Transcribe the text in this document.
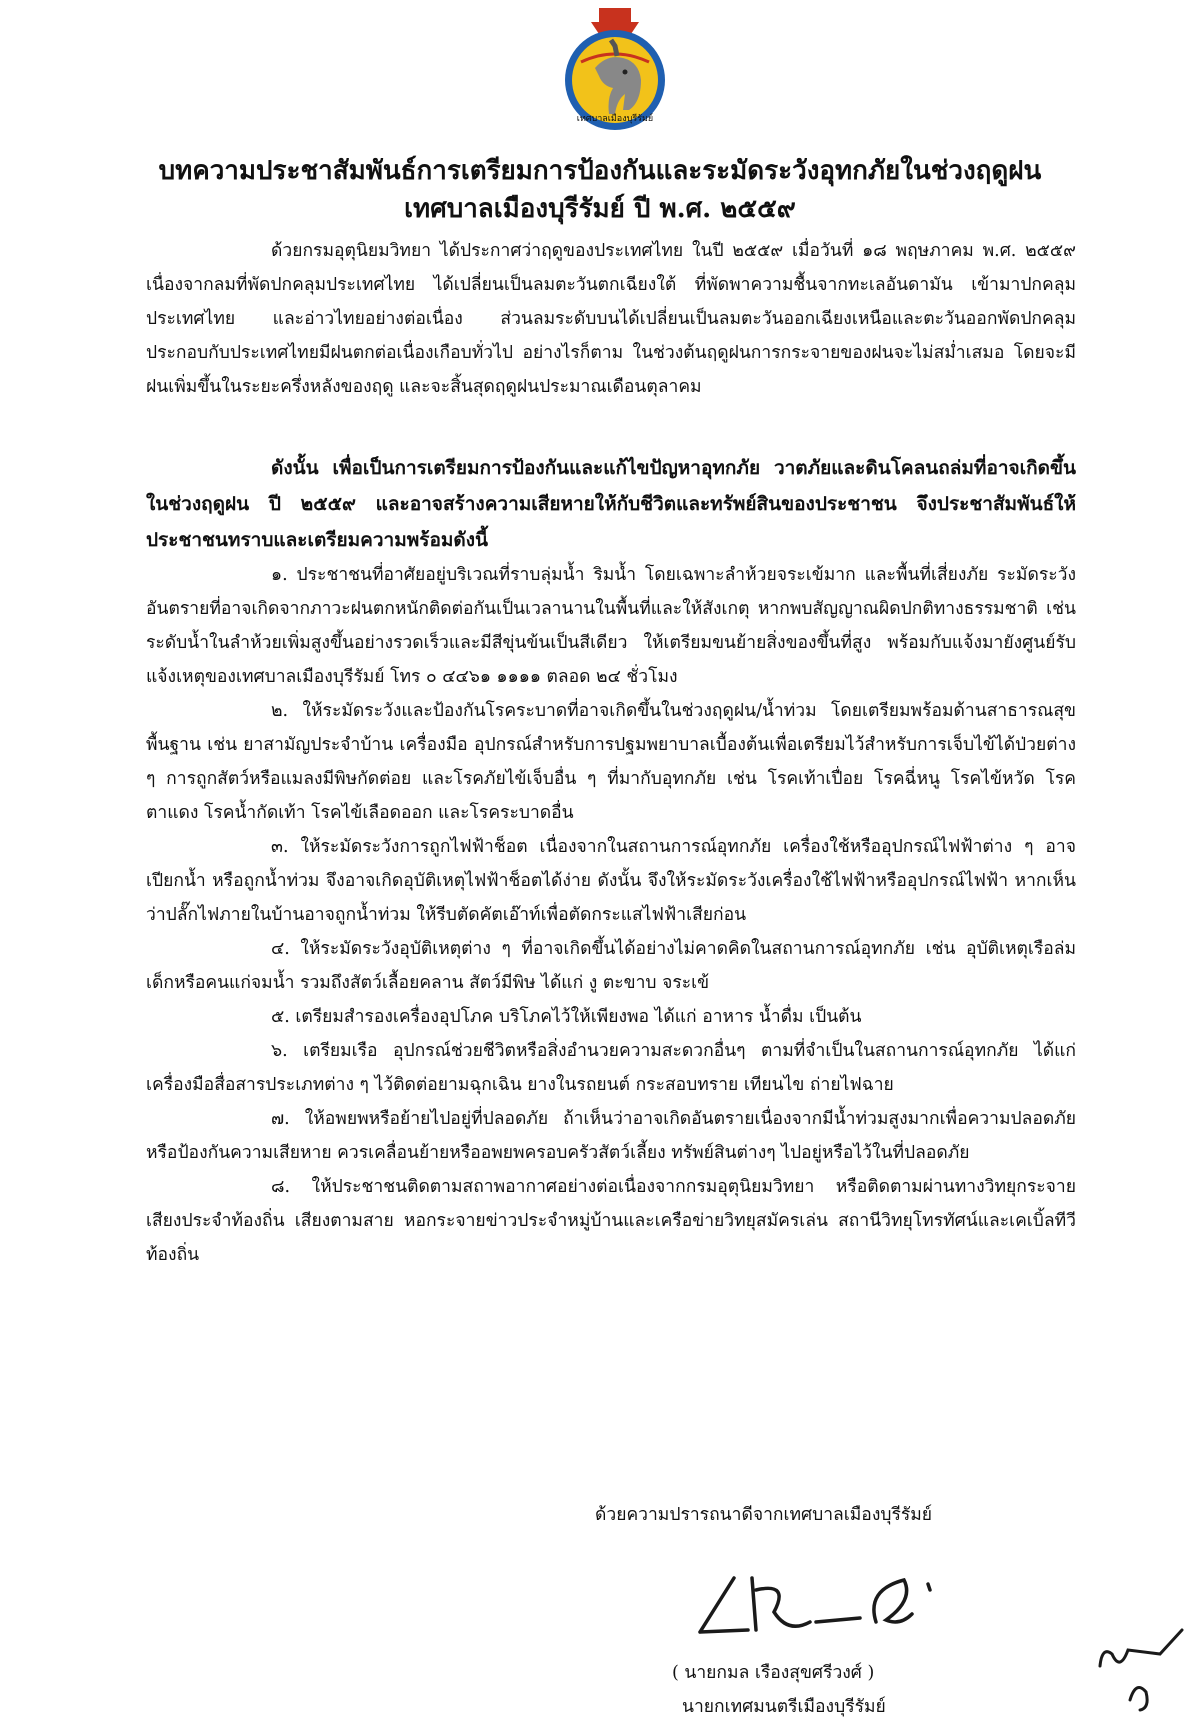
เทศบาลเมืองบุรีรัมย์
บทความประชาสัมพันธ์การเตรียมการป้องกันและระมัดระวังอุทกภัยในช่วงฤดูฝน
เทศบาลเมืองบุรีรัมย์ ปี พ.ศ. ๒๕๕๙

ด้วยกรมอุตุนิยมวิทยา ได้ประกาศว่าฤดูของประเทศไทย ในปี ๒๕๕๙ เมื่อวันที่ ๑๘ พฤษภาคม พ.ศ. ๒๕๕๙ เนื่องจากลมที่พัดปกคลุมประเทศไทย ได้เปลี่ยนเป็นลมตะวันตกเฉียงใต้ ที่พัดพาความชื้นจากทะเลอันดามัน เข้ามาปกคลุมประเทศไทย และอ่าวไทยอย่างต่อเนื่อง ส่วนลมระดับบนได้เปลี่ยนเป็นลมตะวันออกเฉียงเหนือและตะวันออกพัดปกคลุม ประกอบกับประเทศไทยมีฝนตกต่อเนื่องเกือบทั่วไป อย่างไรก็ตาม ในช่วงต้นฤดูฝนการกระจายของฝนจะไม่สม่ำเสมอ โดยจะมีฝนเพิ่มขึ้นในระยะครึ่งหลังของฤดู และจะสิ้นสุดฤดูฝนประมาณเดือนตุลาคม

ดังนั้น เพื่อเป็นการเตรียมการป้องกันและแก้ไขปัญหาอุทกภัย วาตภัยและดินโคลนถล่มที่อาจเกิดขึ้นในช่วงฤดูฝน ปี ๒๕๕๙ และอาจสร้างความเสียหายให้กับชีวิตและทรัพย์สินของประชาชน จึงประชาสัมพันธ์ให้ประชาชนทราบและเตรียมความพร้อมดังนี้

๑. ประชาชนที่อาศัยอยู่บริเวณที่ราบลุ่มน้ำ ริมน้ำ โดยเฉพาะลำห้วยจระเข้มาก และพื้นที่เสี่ยงภัย ระมัดระวังอันตรายที่อาจเกิดจากภาวะฝนตกหนักติดต่อกันเป็นเวลานานในพื้นที่และให้สังเกตุ หากพบสัญญาณผิดปกติทางธรรมชาติ เช่น ระดับน้ำในลำห้วยเพิ่มสูงขึ้นอย่างรวดเร็วและมีสีขุ่นข้นเป็นสีเดียว ให้เตรียมขนย้ายสิ่งของขึ้นที่สูง พร้อมกับแจ้งมายังศูนย์รับแจ้งเหตุของเทศบาลเมืองบุรีรัมย์ โทร ๐ ๔๔๖๑ ๑๑๑๑ ตลอด ๒๔ ชั่วโมง

๒. ให้ระมัดระวังและป้องกันโรคระบาดที่อาจเกิดขึ้นในช่วงฤดูฝน/น้ำท่วม โดยเตรียมพร้อมด้านสาธารณสุขพื้นฐาน เช่น ยาสามัญประจำบ้าน เครื่องมือ อุปกรณ์สำหรับการปฐมพยาบาลเบื้องต้นเพื่อเตรียมไว้สำหรับการเจ็บไข้ได้ป่วยต่าง ๆ การถูกสัตว์หรือแมลงมีพิษกัดต่อย และโรคภัยไข้เจ็บอื่น ๆ ที่มากับอุทกภัย เช่น โรคเท้าเปื่อย โรคฉี่หนู โรคไข้หวัด โรคตาแดง โรคน้ำกัดเท้า โรคไข้เลือดออก และโรคระบาดอื่น

๓. ให้ระมัดระวังการถูกไฟฟ้าช็อต เนื่องจากในสถานการณ์อุทกภัย เครื่องใช้หรืออุปกรณ์ไฟฟ้าต่าง ๆ อาจเปียกน้ำ หรือถูกน้ำท่วม จึงอาจเกิดอุบัติเหตุไฟฟ้าช็อตได้ง่าย ดังนั้น จึงให้ระมัดระวังเครื่องใช้ไฟฟ้าหรืออุปกรณ์ไฟฟ้า หากเห็นว่าปลั๊กไฟภายในบ้านอาจถูกน้ำท่วม ให้รีบตัดคัตเอ๊าท์เพื่อตัดกระแสไฟฟ้าเสียก่อน

๔. ให้ระมัดระวังอุบัติเหตุต่าง ๆ ที่อาจเกิดขึ้นได้อย่างไม่คาดคิดในสถานการณ์อุทกภัย เช่น อุบัติเหตุเรือล่ม เด็กหรือคนแก่จมน้ำ รวมถึงสัตว์เลื้อยคลาน สัตว์มีพิษ ได้แก่ งู ตะขาบ จระเข้

๕. เตรียมสำรองเครื่องอุปโภค บริโภคไว้ให้เพียงพอ ได้แก่ อาหาร น้ำดื่ม เป็นต้น

๖. เตรียมเรือ อุปกรณ์ช่วยชีวิตหรือสิ่งอำนวยความสะดวกอื่นๆ ตามที่จำเป็นในสถานการณ์อุทกภัย ได้แก่ เครื่องมือสื่อสารประเภทต่าง ๆ ไว้ติดต่อยามฉุกเฉิน ยางในรถยนต์ กระสอบทราย เทียนไข ถ่ายไฟฉาย

๗. ให้อพยพหรือย้ายไปอยู่ที่ปลอดภัย ถ้าเห็นว่าอาจเกิดอันตรายเนื่องจากมีน้ำท่วมสูงมากเพื่อความปลอดภัยหรือป้องกันความเสียหาย ควรเคลื่อนย้ายหรืออพยพครอบครัวสัตว์เลี้ยง ทรัพย์สินต่างๆ ไปอยู่หรือไว้ในที่ปลอดภัย

๘. ให้ประชาชนติดตามสถาพอากาศอย่างต่อเนื่องจากกรมอุตุนิยมวิทยา หรือติดตามผ่านทางวิทยุกระจายเสียงประจำท้องถิ่น เสียงตามสาย หอกระจายข่าวประจำหมู่บ้านและเครือข่ายวิทยุสมัครเล่น สถานีวิทยุโทรทัศน์และเคเบิ้ลทีวีท้องถิ่น

ด้วยความปรารถนาดีจากเทศบาลเมืองบุรีรัมย์
( นายกมล เรืองสุขศรีวงศ์ )
นายกเทศมนตรีเมืองบุรีรัมย์
